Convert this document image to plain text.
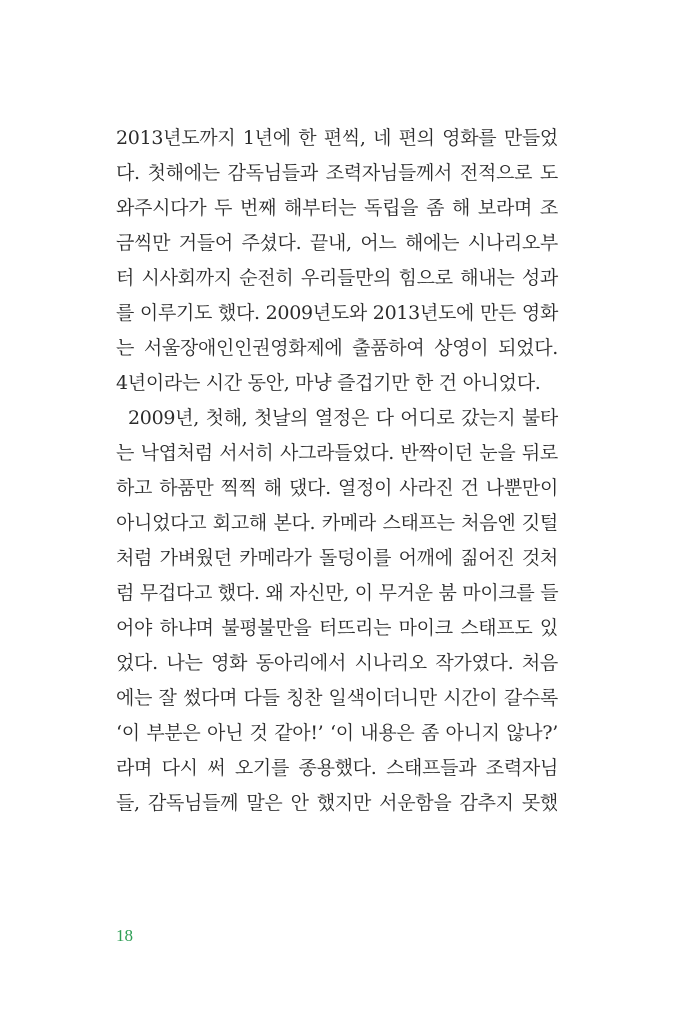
2013년도까지 1년에 한 편씩, 네 편의 영화를 만들었
다. 첫해에는 감독님들과 조력자님들께서 전적으로 도
와주시다가 두 번째 해부터는 독립을 좀 해 보라며 조
금씩만 거들어 주셨다. 끝내, 어느 해에는 시나리오부
터 시사회까지 순전히 우리들만의 힘으로 해내는 성과
를 이루기도 했다. 2009년도와 2013년도에 만든 영화
는 서울장애인인권영화제에 출품하여 상영이 되었다.
4년이라는 시간 동안, 마냥 즐겁기만 한 건 아니었다.
2009년, 첫해, 첫날의 열정은 다 어디로 갔는지 불타
는 낙엽처럼 서서히 사그라들었다. 반짝이던 눈을 뒤로
하고 하품만 찍찍 해 댔다. 열정이 사라진 건 나뿐만이
아니었다고 회고해 본다. 카메라 스태프는 처음엔 깃털
처럼 가벼웠던 카메라가 돌덩이를 어깨에 짊어진 것처
럼 무겁다고 했다. 왜 자신만, 이 무거운 붐 마이크를 들
어야 하냐며 불평불만을 터뜨리는 마이크 스태프도 있
었다. 나는 영화 동아리에서 시나리오 작가였다. 처음
에는 잘 썼다며 다들 칭찬 일색이더니만 시간이 갈수록
‘이 부분은 아닌 것 같아!’ ‘이 내용은 좀 아니지 않나?’
라며 다시 써 오기를 종용했다. 스태프들과 조력자님
들, 감독님들께 말은 안 했지만 서운함을 감추지 못했
18
